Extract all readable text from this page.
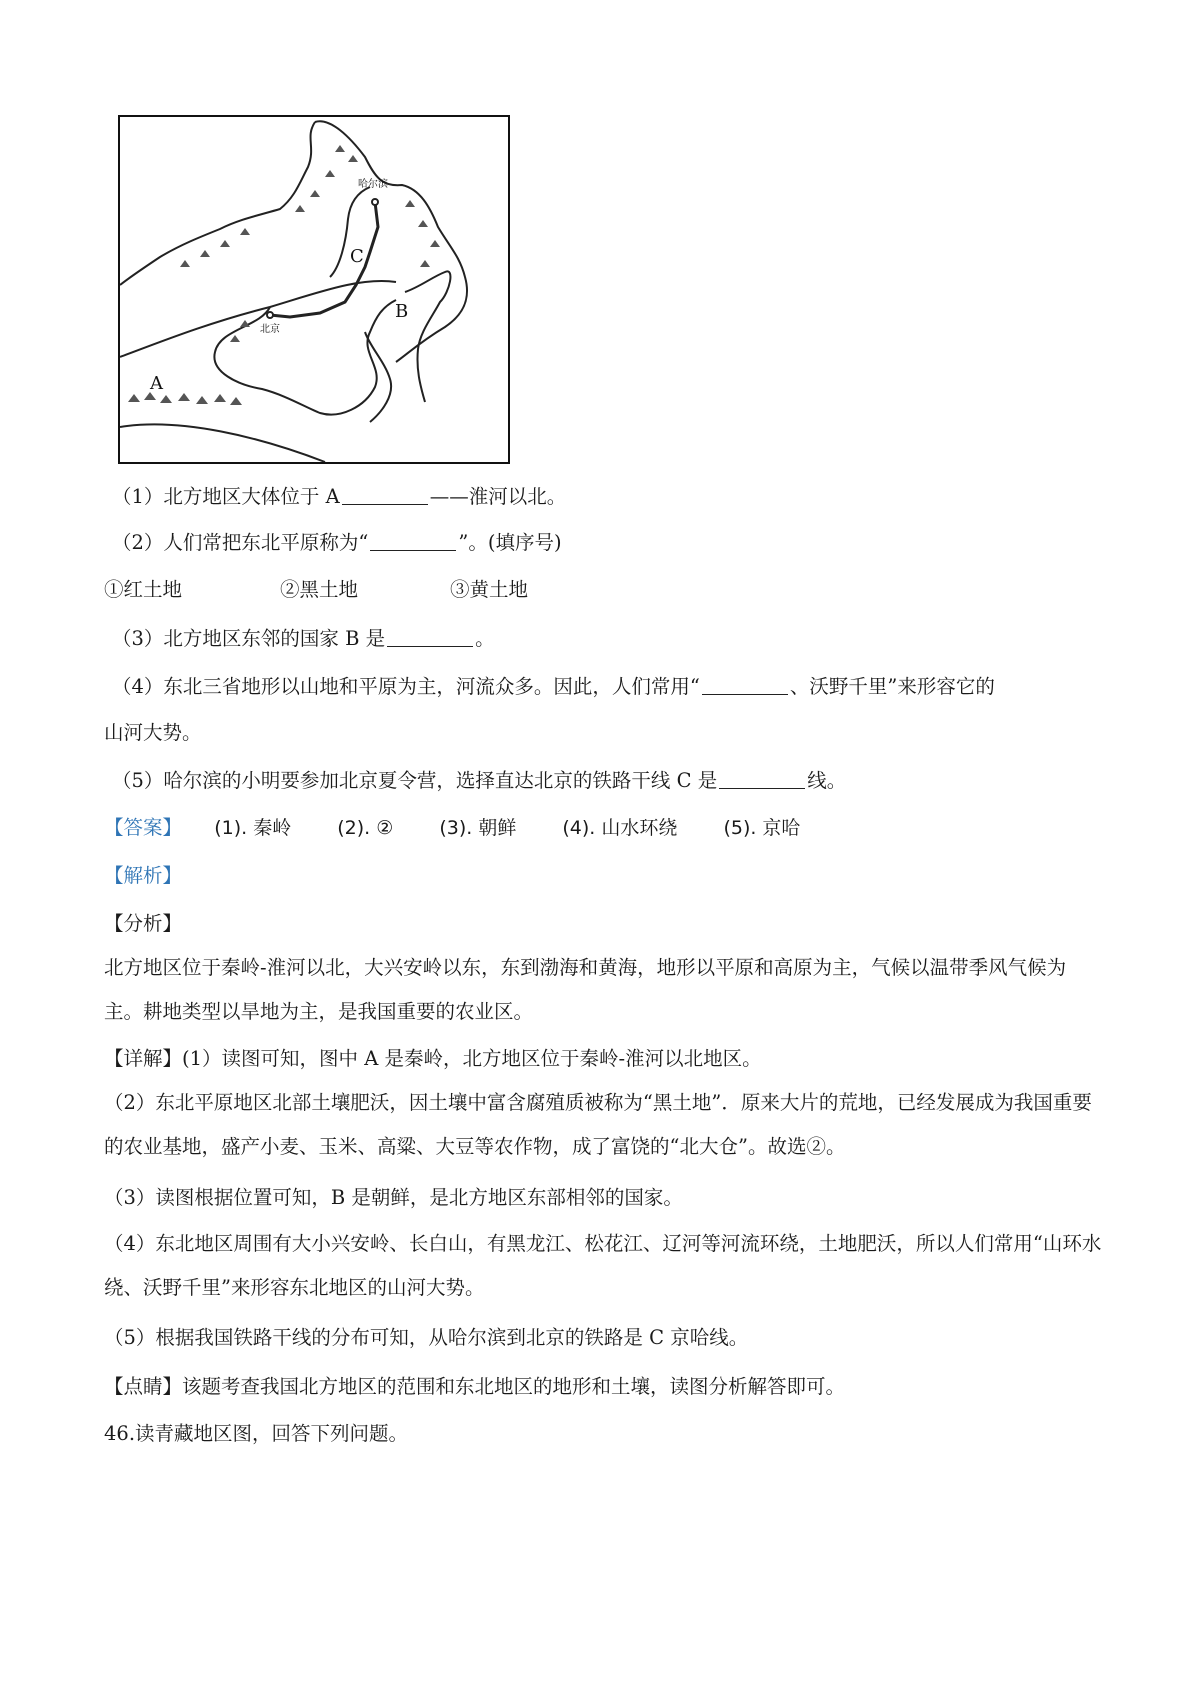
哈尔滨
北京
C
B
A
（1）北方地区大体位于 A	——淮河以北。
（2）人们常把东北平原称为“	”。(填序号)
①红土地	②黑土地	③黄土地
（3）北方地区东邻的国家 B 是	。
（4）东北三省地形以山地和平原为主，河流众多。因此，人们常用“	、沃野千里”来形容它的
山河大势。
（5）哈尔滨的小明要参加北京夏令营，选择直达北京的铁路干线 C 是	线。
【答案】 (1). 秦岭 (2). ② (3). 朝鲜 (4). 山水环绕 (5). 京哈
【解析】
【分析】
北方地区位于秦岭-淮河以北，大兴安岭以东，东到渤海和黄海，地形以平原和高原为主，气候以温带季风气候为主。耕地类型以旱地为主，是我国重要的农业区。
【详解】(1）读图可知，图中 A 是秦岭，北方地区位于秦岭-淮河以北地区。
（2）东北平原地区北部土壤肥沃，因土壤中富含腐殖质被称为“黑土地”．原来大片的荒地，已经发展成为我国重要的农业基地，盛产小麦、玉米、高粱、大豆等农作物，成了富饶的“北大仓”。故选②。
（3）读图根据位置可知，B 是朝鲜，是北方地区东部相邻的国家。
（4）东北地区周围有大小兴安岭、长白山，有黑龙江、松花江、辽河等河流环绕，土地肥沃，所以人们常用“山环水绕、沃野千里”来形容东北地区的山河大势。
（5）根据我国铁路干线的分布可知，从哈尔滨到北京的铁路是 C 京哈线。
【点睛】该题考查我国北方地区的范围和东北地区的地形和土壤，读图分析解答即可。
46.读青藏地区图，回答下列问题。
